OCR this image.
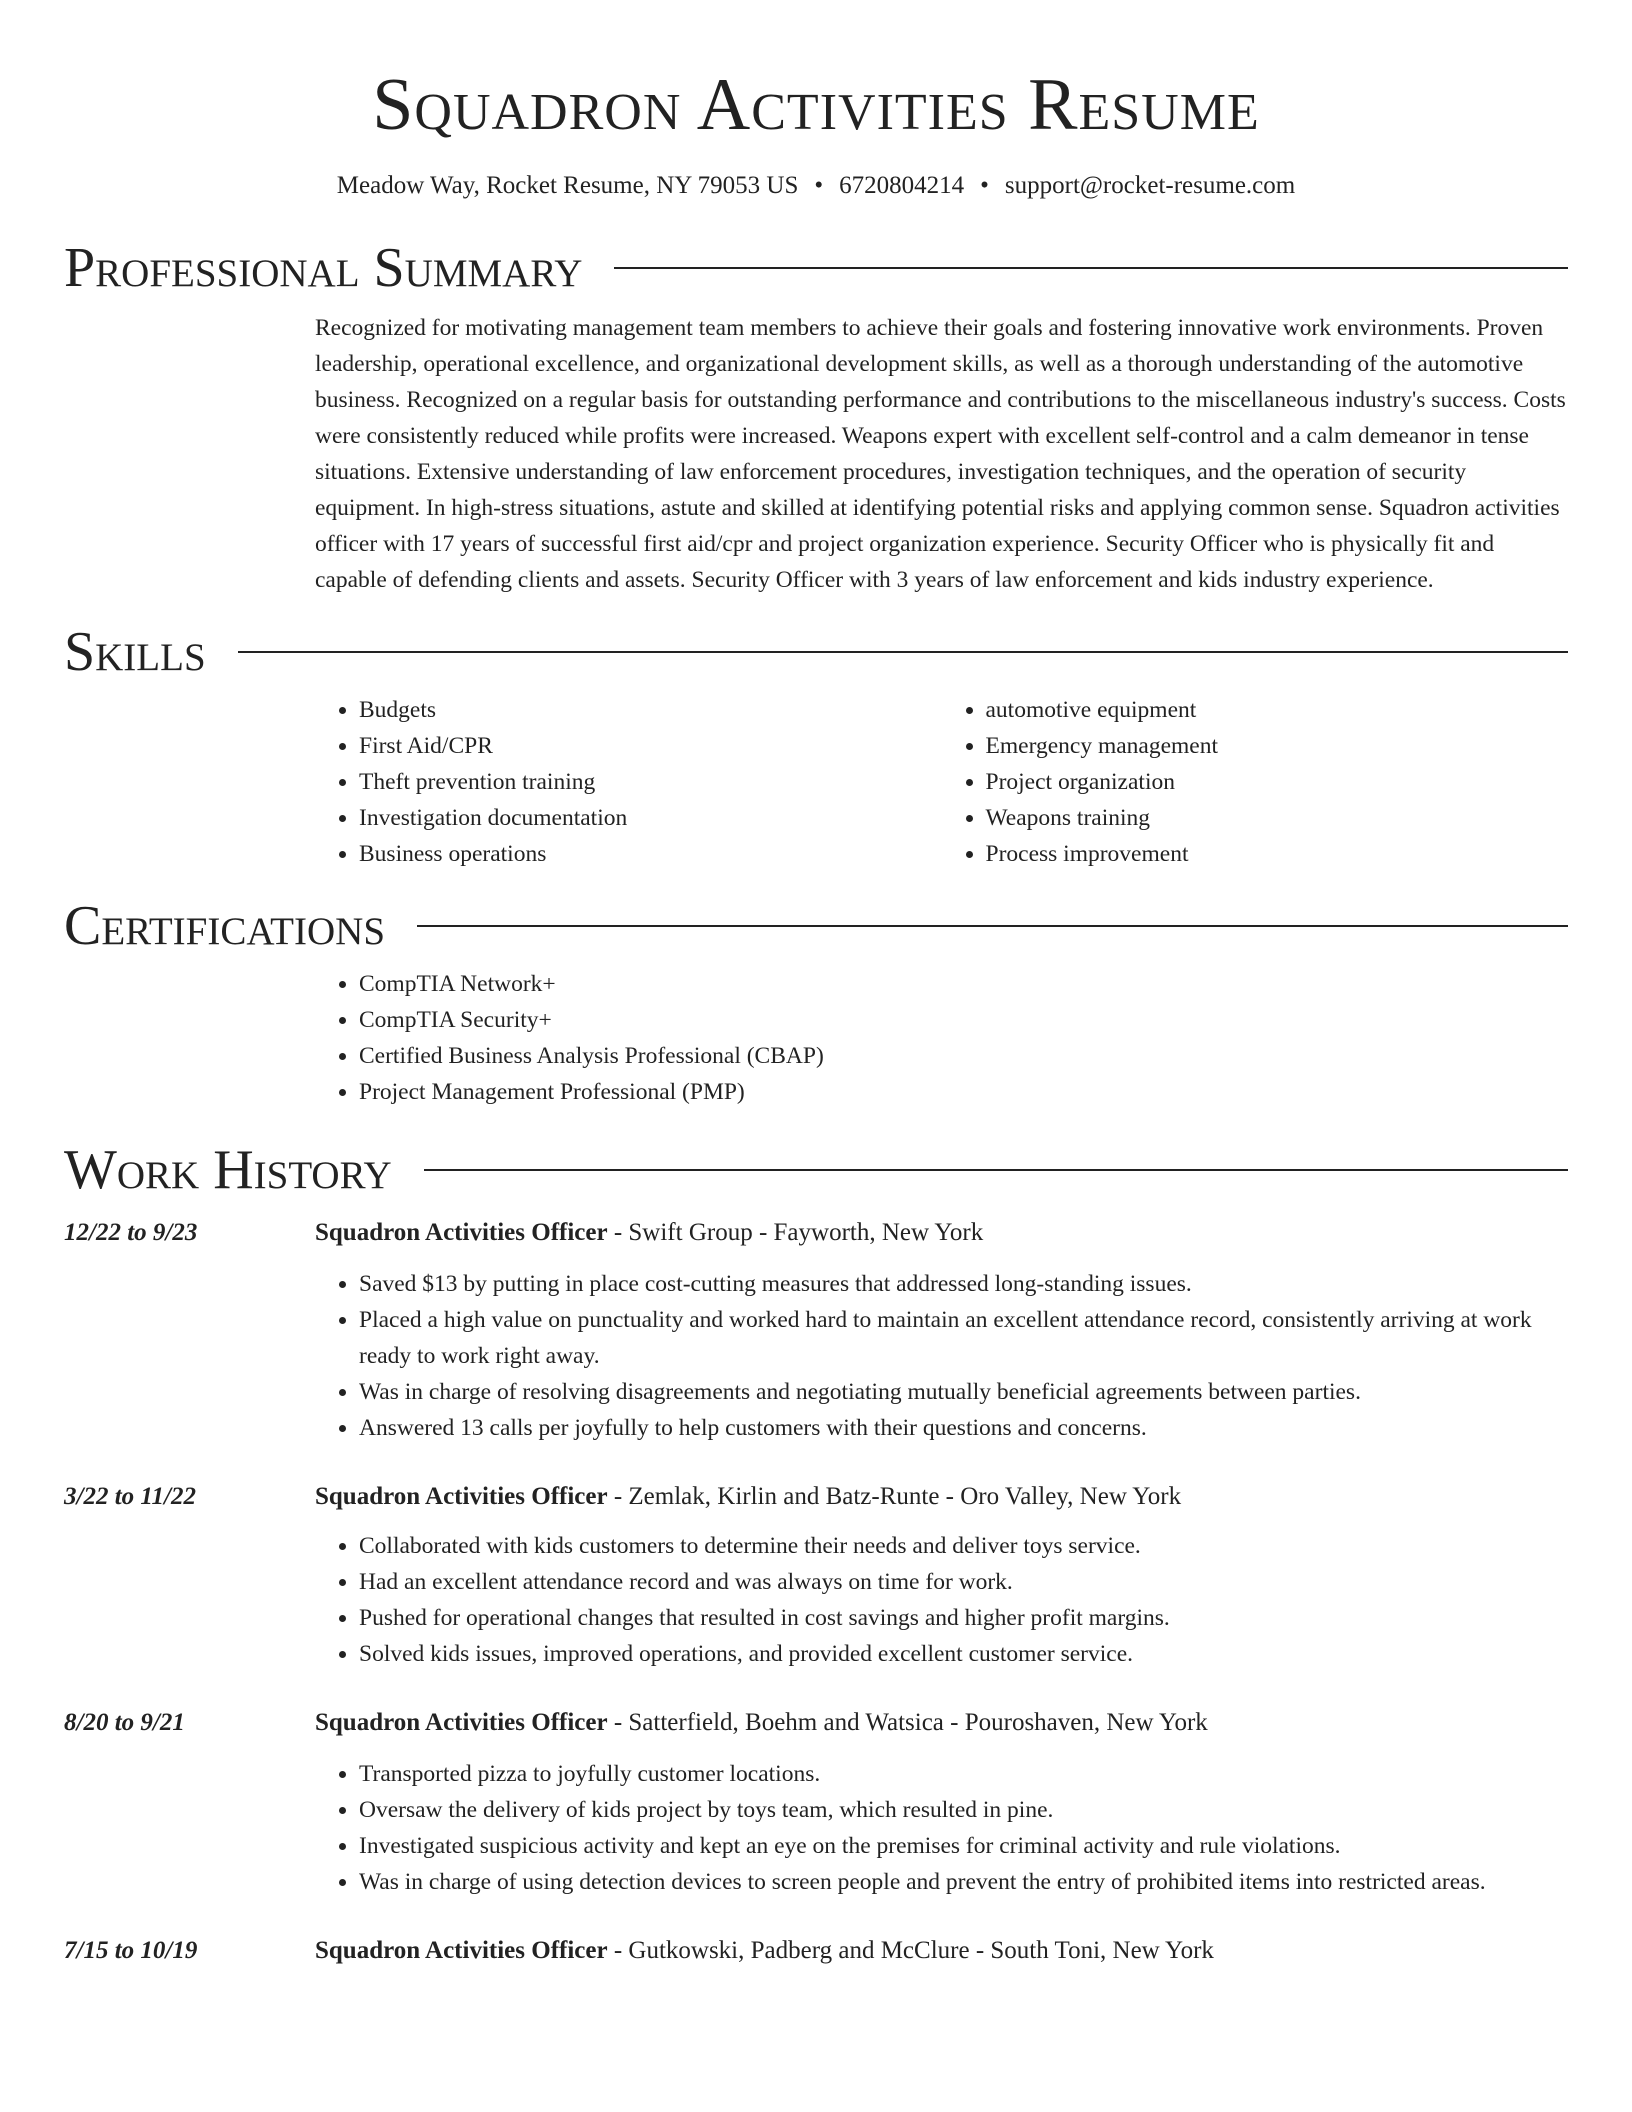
Squadron Activities Resume
Meadow Way, Rocket Resume, NY 79053 US • 6720804214 • support@rocket-resume.com
Professional Summary

Recognized for motivating management team members to achieve their goals and fostering innovative work environments. Proven leadership, operational excellence, and organizational development skills, as well as a thorough understanding of the automotive business. Recognized on a regular basis for outstanding performance and contributions to the miscellaneous industry's success. Costs were consistently reduced while profits were increased. Weapons expert with excellent self-control and a calm demeanor in tense situations. Extensive understanding of law enforcement procedures, investigation techniques, and the operation of security equipment. In high-stress situations, astute and skilled at identifying potential risks and applying common sense. Squadron activities officer with 17 years of successful first aid/cpr and project organization experience. Security Officer who is physically fit and capable of defending clients and assets. Security Officer with 3 years of law enforcement and kids industry experience.

Skills
• Budgets
• First Aid/CPR
• Theft prevention training
• Investigation documentation
• Business operations
• automotive equipment
• Emergency management
• Project organization
• Weapons training
• Process improvement
Certifications
• CompTIA Network+
• CompTIA Security+
• Certified Business Analysis Professional (CBAP)
• Project Management Professional (PMP)
Work History
12/22 to 9/23	Squadron Activities Officer - Swift Group - Fayworth, New York
• Saved $13 by putting in place cost-cutting measures that addressed long-standing issues.
• Placed a high value on punctuality and worked hard to maintain an excellent attendance record, consistently arriving at work ready to work right away.
• Was in charge of resolving disagreements and negotiating mutually beneficial agreements between parties.
• Answered 13 calls per joyfully to help customers with their questions and concerns.
3/22 to 11/22	Squadron Activities Officer - Zemlak, Kirlin and Batz-Runte - Oro Valley, New York
• Collaborated with kids customers to determine their needs and deliver toys service.
• Had an excellent attendance record and was always on time for work.
• Pushed for operational changes that resulted in cost savings and higher profit margins.
• Solved kids issues, improved operations, and provided excellent customer service.
8/20 to 9/21	Squadron Activities Officer - Satterfield, Boehm and Watsica - Pouroshaven, New York
• Transported pizza to joyfully customer locations.
• Oversaw the delivery of kids project by toys team, which resulted in pine.
• Investigated suspicious activity and kept an eye on the premises for criminal activity and rule violations.
• Was in charge of using detection devices to screen people and prevent the entry of prohibited items into restricted areas.
7/15 to 10/19	Squadron Activities Officer - Gutkowski, Padberg and McClure - South Toni, New York
